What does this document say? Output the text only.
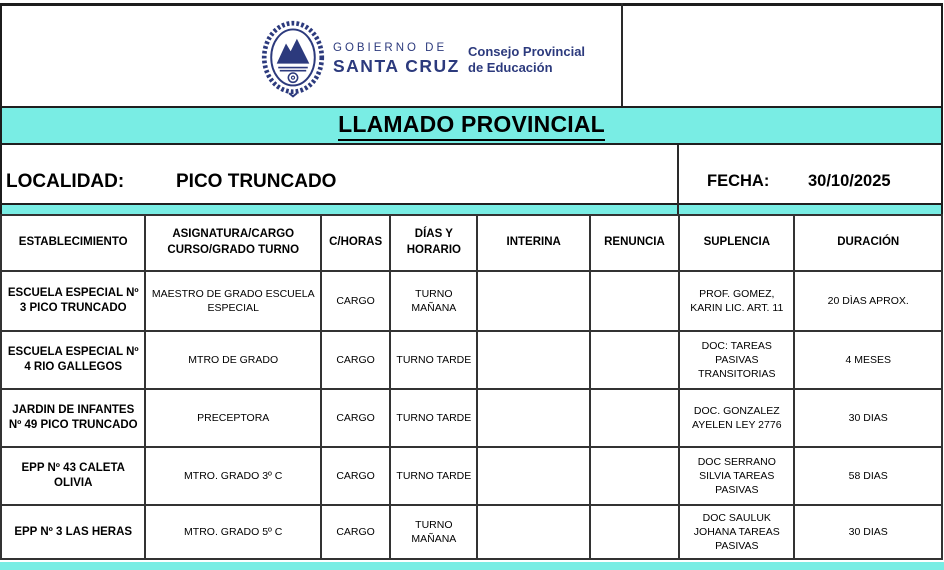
GOBIERNO DE
SANTA CRUZ
Consejo Provincial
de Educación
LLAMADO PROVINCIAL
LOCALIDAD:	PICO TRUNCADO	FECHA: 30/10/2025
ESTABLECIMIENTO	ASIGNATURA/CARGO CURSO/GRADO TURNO	C/HORAS	DÍAS Y HORARIO	INTERINA	RENUNCIA	SUPLENCIA	DURACIÓN
ESCUELA ESPECIAL Nº 3 PICO TRUNCADO	MAESTRO DE GRADO ESCUELA ESPECIAL	CARGO	TURNO MAÑANA			PROF. GOMEZ, KARIN LIC. ART. 11	20 DÌAS APROX.
ESCUELA ESPECIAL Nº 4 RIO GALLEGOS	MTRO DE GRADO	CARGO	TURNO TARDE			DOC: TAREAS PASIVAS TRANSITORIAS	4 MESES
JARDIN DE INFANTES Nº 49 PICO TRUNCADO	PRECEPTORA	CARGO	TURNO TARDE			DOC. GONZALEZ AYELEN LEY 2776	30 DIAS
EPP Nº 43 CALETA OLIVIA	MTRO. GRADO 3º C	CARGO	TURNO TARDE			DOC SERRANO SILVIA TAREAS PASIVAS	58 DIAS
EPP Nº 3 LAS HERAS	MTRO. GRADO 5º C	CARGO	TURNO MAÑANA			DOC SAULUK JOHANA TAREAS PASIVAS	30 DIAS
